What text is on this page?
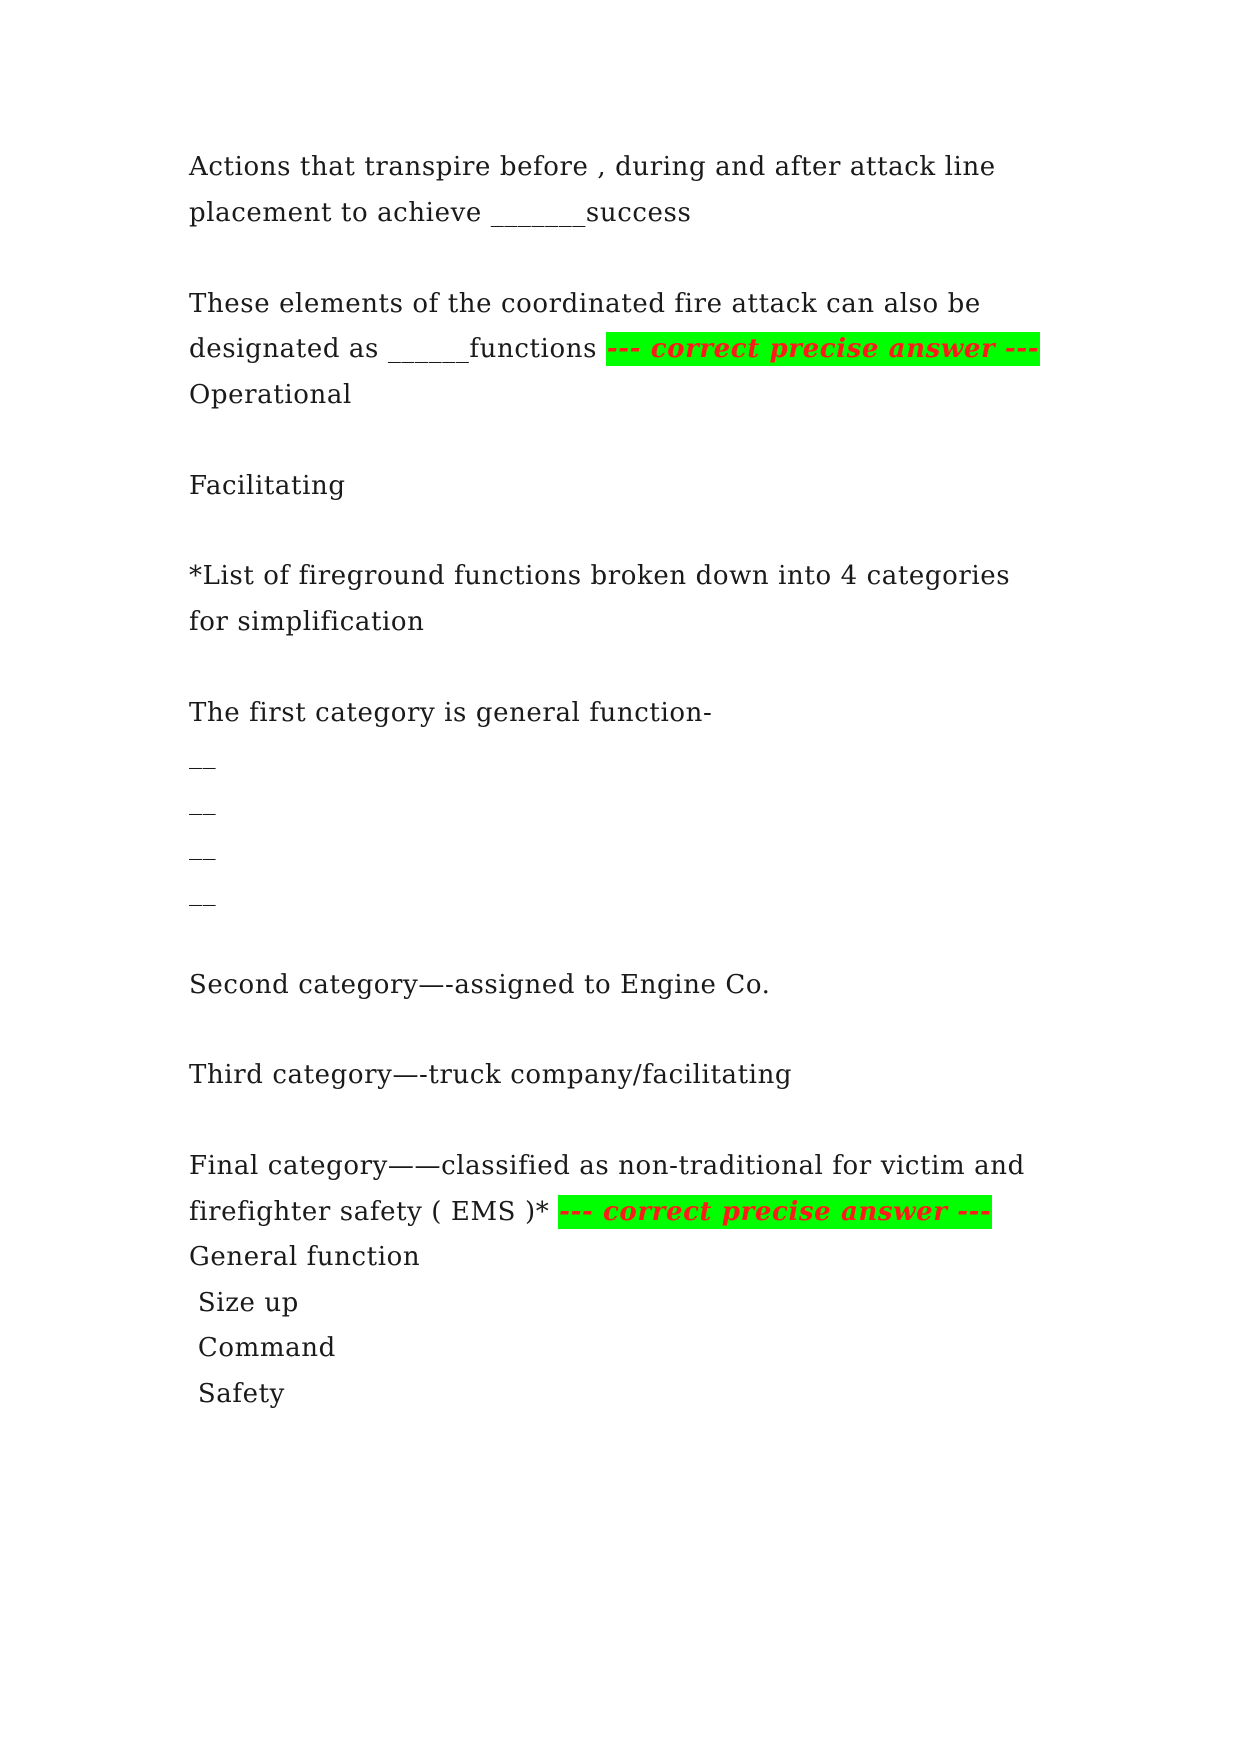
Actions that transpire before , during and after attack line
placement to achieve _______success
These elements of the coordinated fire attack can also be
designated as ______functions --- correct precise answer ---
Operational
Facilitating
*List of fireground functions broken down into 4 categories
for simplification
The first category is general function-
__
__
__
__
Second category—-assigned to Engine Co.
Third category—-truck company/facilitating
Final category——classified as non-traditional for victim and
firefighter safety ( EMS )* --- correct precise answer ---
General function
Size up
Command
Safety
